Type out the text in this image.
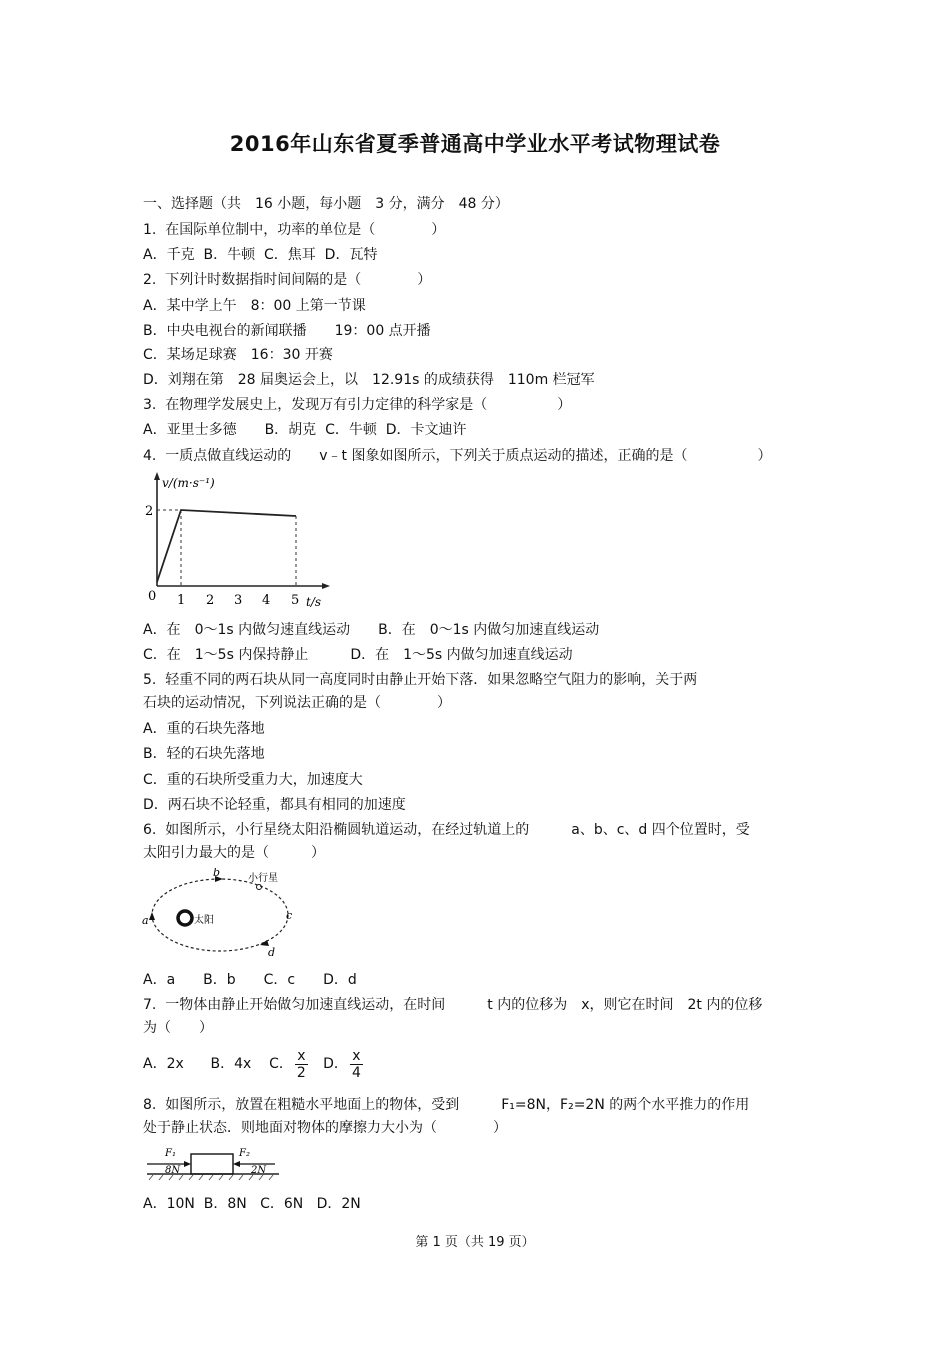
2016年山东省夏季普通高中学业水平考试物理试卷
一、选择题（共　16 小题，每小题　3 分，满分　48 分）
1.  在国际单位制中，功率的单位是（　　　　）
A．千克  B．牛顿  C．焦耳  D．瓦特
2.  下列计时数据指时间间隔的是（　　　　）
A．某中学上午　8：00 上第一节课
B．中央电视台的新闻联播　　19：00 点开播
C．某场足球赛　16：30 开赛
D．刘翔在第　28 届奥运会上，以　12.91s 的成绩获得　110m 栏冠军
3.  在物理学发展史上，发现万有引力定律的科学家是（　　　　　）
A．亚里士多德　　B．胡克  C．牛顿  D．卡文迪许
4.  一质点做直线运动的　　v﹣t 图象如图所示，下列关于质点运动的描述，正确的是（　　　　　）
v/(m·s⁻¹)
2
0 1 2 3 4 5 t/s
A．在　0～1s 内做匀速直线运动　　B．在　0～1s 内做匀加速直线运动
C．在　1～5s 内保持静止　　　D．在　1～5s 内做匀加速直线运动
5.  轻重不同的两石块从同一高度同时由静止开始下落．如果忽略空气阻力的影响，关于两
石块的运动情况，下列说法正确的是（　　　　）
A．重的石块先落地
B．轻的石块先落地
C．重的石块所受重力大，加速度大
D．两石块不论轻重，都具有相同的加速度
6.  如图所示，小行星绕太阳沿椭圆轨道运动，在经过轨道上的　　　a、b、c、d 四个位置时，受
太阳引力最大的是（　　　）
太阳
小行星
a
b
c
d
A．a　　B．b　　C．c　　D．d
7.  一物体由静止开始做匀加速直线运动，在时间　　　t 内的位移为　x，则它在时间　2t 内的位移
为（　　）
A．2x B．4x C． $\frac{x}{2}$ D． $\frac{x}{4}$
8.  如图所示，放置在粗糙水平地面上的物体，受到　　　F₁=8N，F₂=2N 的两个水平推力的作用
处于静止状态．则地面对物体的摩擦力大小为（　　　　）
F₁
8N
F₂
2N
A．10N  B．8N   C．6N   D．2N
第 1 页（共 19 页）
